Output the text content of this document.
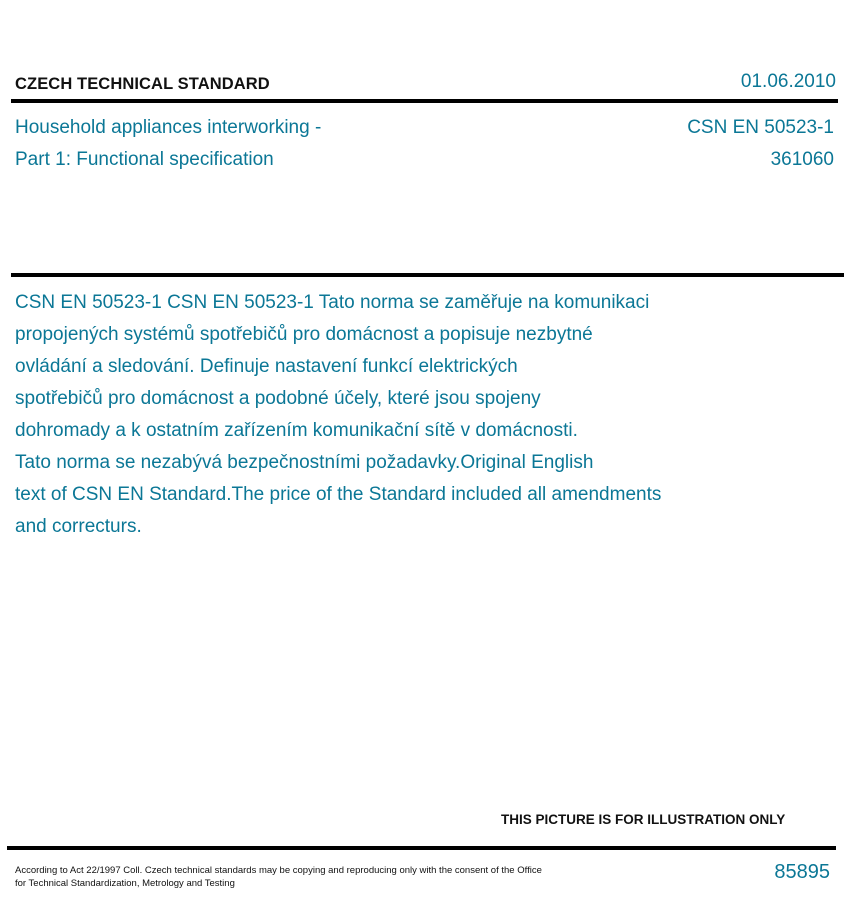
CZECH TECHNICAL STANDARD	01.06.2010
Household appliances interworking -
Part 1: Functional specification
CSN EN 50523-1
361060
CSN EN 50523-1 CSN EN 50523-1 Tato norma se zaměřuje na komunikaci
propojených systémů spotřebičů pro domácnost a popisuje nezbytné
ovládání a sledování. Definuje nastavení funkcí elektrických
spotřebičů pro domácnost a podobné účely, které jsou spojeny
dohromady a k ostatním zařízením komunikační sítě v domácnosti.
Tato norma se nezabývá bezpečnostními požadavky.Original English
text of CSN EN Standard.The price of the Standard included all amendments
and correcturs.
THIS PICTURE IS FOR ILLUSTRATION ONLY
According to Act 22/1997 Coll. Czech technical standards may be copying and reproducing only with the consent of the Office
for Technical Standardization, Metrology and Testing
85895
